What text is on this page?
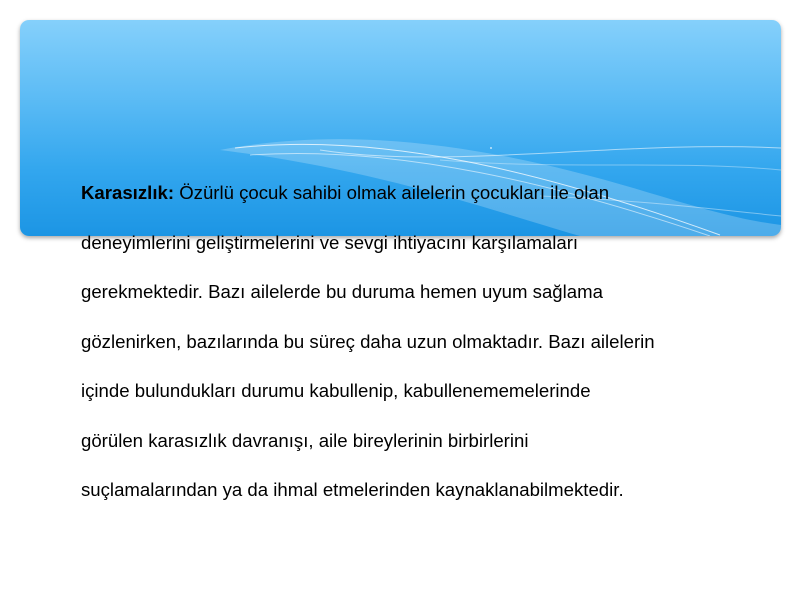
Karasızlık: Özürlü çocuk sahibi olmak ailelerin çocukları ile olan
deneyimlerini geliştirmelerini ve sevgi ihtiyacını karşılamaları
gerekmektedir. Bazı ailelerde bu duruma hemen uyum sağlama
gözlenirken, bazılarında bu süreç daha uzun olmaktadır. Bazı ailelerin
içinde bulundukları durumu kabullenip, kabullenememelerinde
görülen karasızlık davranışı, aile bireylerinin birbirlerini
suçlamalarından ya da ihmal etmelerinden kaynaklanabilmektedir.
